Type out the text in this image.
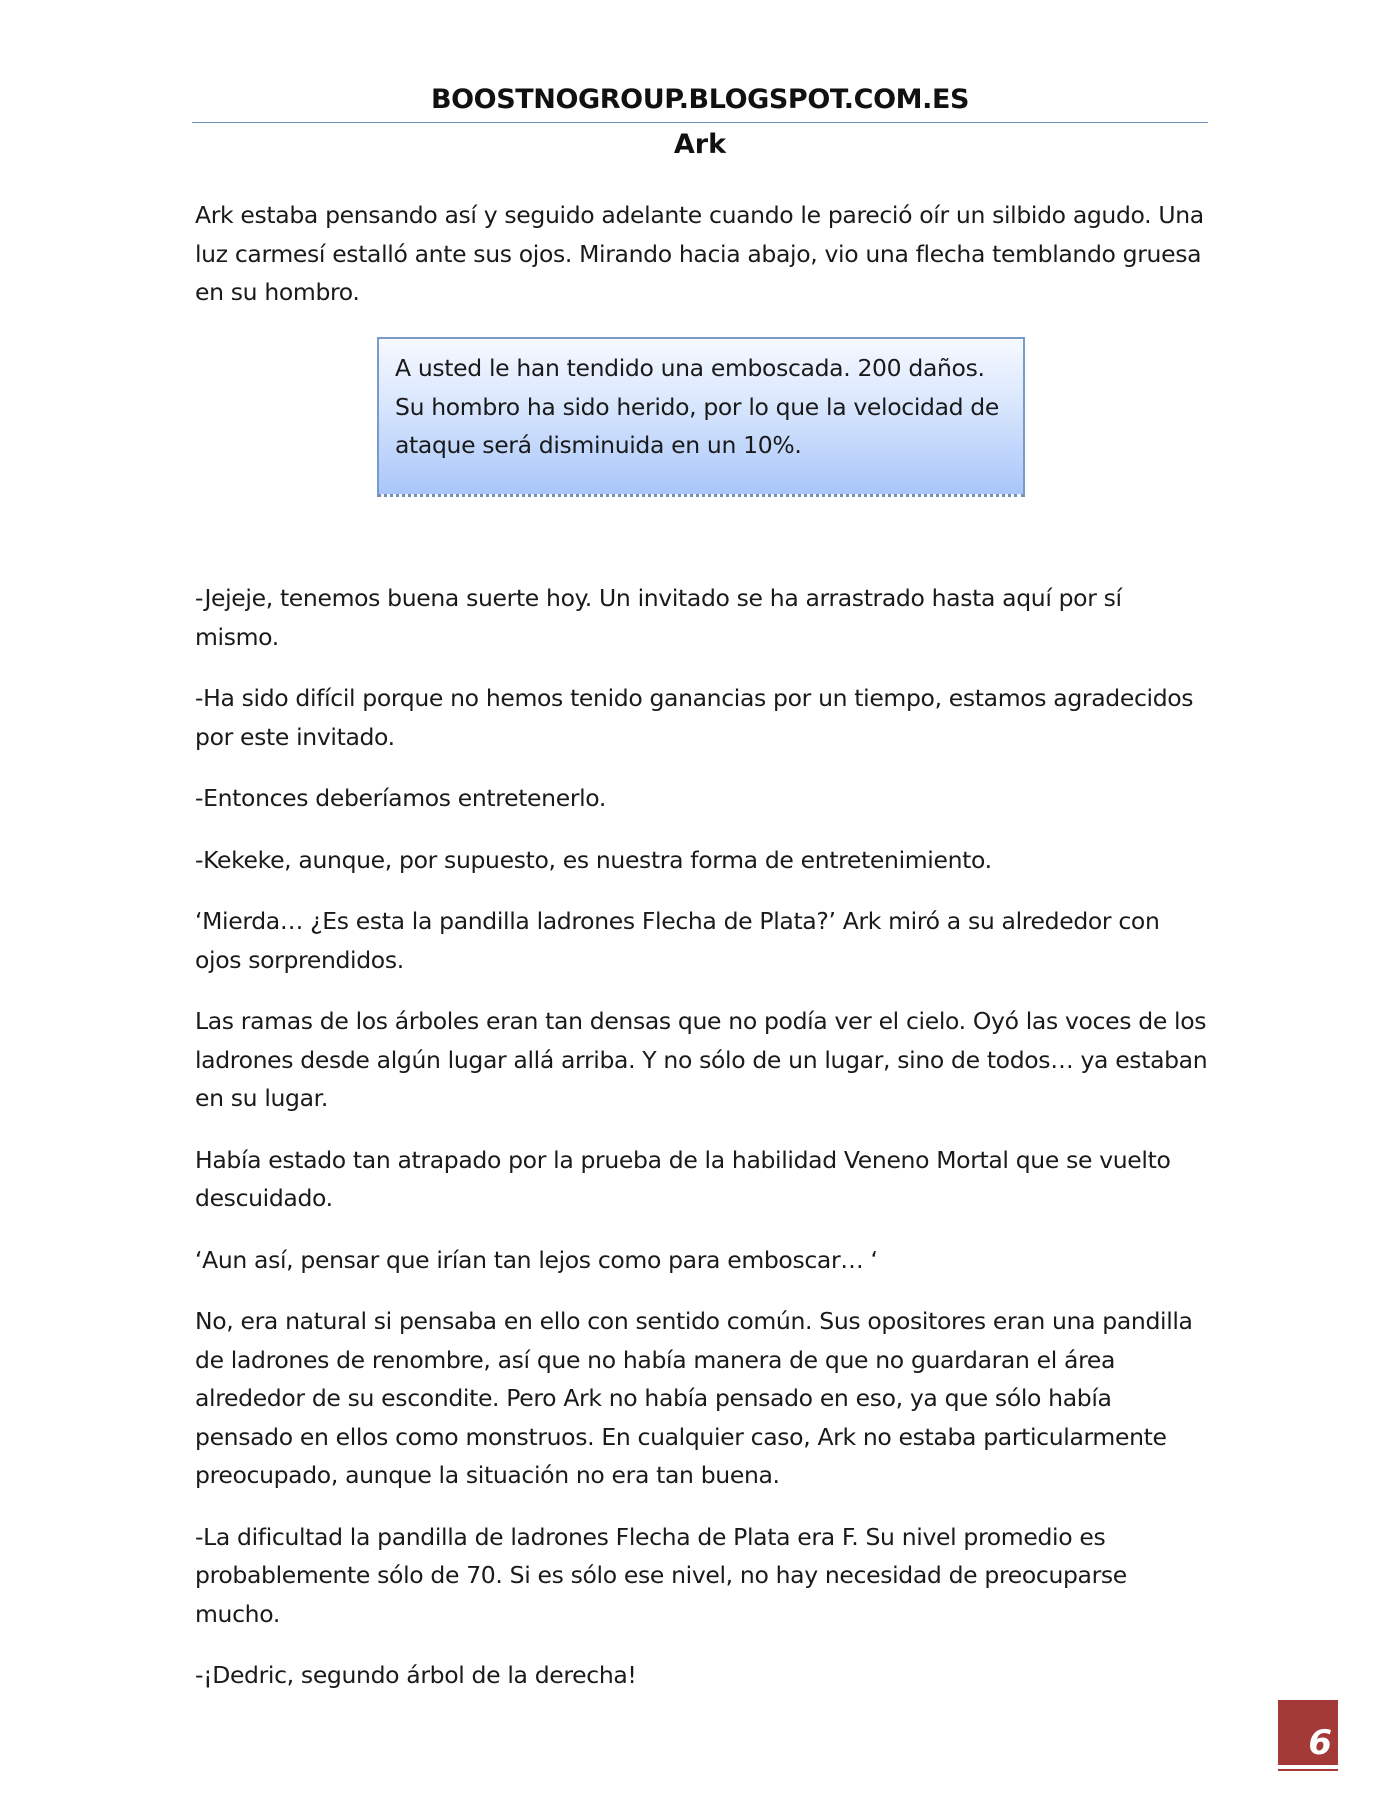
BOOSTNOGROUP.BLOGSPOT.COM.ES
Ark

Ark estaba pensando así y seguido adelante cuando le pareció oír un silbido agudo. Una luz carmesí estalló ante sus ojos. Mirando hacia abajo, vio una flecha temblando gruesa en su hombro.

A usted le han tendido una emboscada. 200 daños. Su hombro ha sido herido, por lo que la velocidad de ataque será disminuida en un 10%.

-Jejeje, tenemos buena suerte hoy. Un invitado se ha arrastrado hasta aquí por sí mismo.

-Ha sido difícil porque no hemos tenido ganancias por un tiempo, estamos agradecidos por este invitado.

-Entonces deberíamos entretenerlo.

-Kekeke, aunque, por supuesto, es nuestra forma de entretenimiento.

‘Mierda… ¿Es esta la pandilla ladrones Flecha de Plata?’ Ark miró a su alrededor con ojos sorprendidos.

Las ramas de los árboles eran tan densas que no podía ver el cielo. Oyó las voces de los ladrones desde algún lugar allá arriba. Y no sólo de un lugar, sino de todos… ya estaban en su lugar.

Había estado tan atrapado por la prueba de la habilidad Veneno Mortal que se vuelto descuidado.

‘Aun así, pensar que irían tan lejos como para emboscar… ‘

No, era natural si pensaba en ello con sentido común. Sus opositores eran una pandilla de ladrones de renombre, así que no había manera de que no guardaran el área alrededor de su escondite. Pero Ark no había pensado en eso, ya que sólo había pensado en ellos como monstruos. En cualquier caso, Ark no estaba particularmente preocupado, aunque la situación no era tan buena.

-La dificultad la pandilla de ladrones Flecha de Plata era F. Su nivel promedio es probablemente sólo de 70. Si es sólo ese nivel, no hay necesidad de preocuparse mucho.

-¡Dedric, segundo árbol de la derecha!

6
